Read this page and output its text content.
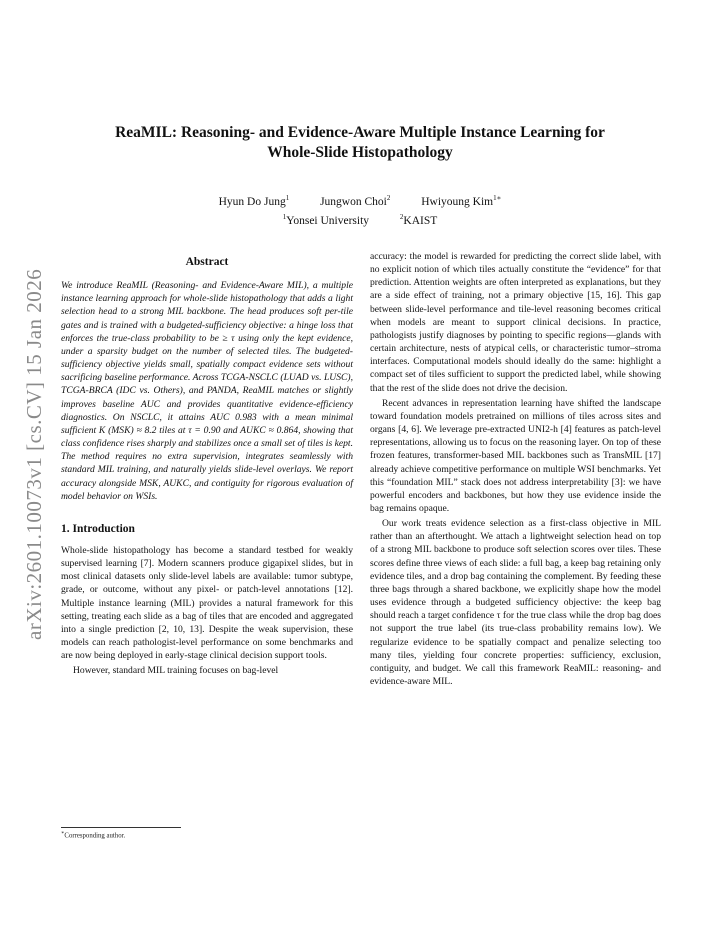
arXiv:2601.10073v1 [cs.CV] 15 Jan 2026
ReaMIL: Reasoning- and Evidence-Aware Multiple Instance Learning for
Whole-Slide Histopathology
Hyun Do Jung$^1$	Jungwon Choi$^2$	Hwiyoung Kim$^{1∗}$
$^1$Yonsei University	$^2$KAIST
Abstract

We introduce ReaMIL (Reasoning- and Evidence-Aware MIL), a multiple instance learning approach for whole-slide histopathology that adds a light selection head to a strong MIL backbone. The head produces soft per-tile gates and is trained with a budgeted-sufficiency objective: a hinge loss that enforces the true-class probability to be ≥ τ using only the kept evidence, under a sparsity budget on the number of selected tiles. The budgeted-sufficiency objective yields small, spatially compact evidence sets without sacrificing baseline performance. Across TCGA-NSCLC (LUAD vs. LUSC), TCGA-BRCA (IDC vs. Others), and PANDA, ReaMIL matches or slightly improves baseline AUC and provides quantitative evidence-efficiency diagnostics. On NSCLC, it attains AUC 0.983 with a mean minimal sufficient K (MSK) ≈ 8.2 tiles at τ = 0.90 and AUKC ≈ 0.864, showing that class confidence rises sharply and stabilizes once a small set of tiles is kept. The method requires no extra supervision, integrates seamlessly with standard MIL training, and naturally yields slide-level overlays. We report accuracy alongside MSK, AUKC, and contiguity for rigorous evaluation of model behavior on WSIs.

1. Introduction

Whole-slide histopathology has become a standard testbed for weakly supervised learning [7]. Modern scanners produce gigapixel slides, but in most clinical datasets only slide-level labels are available: tumor subtype, grade, or outcome, without any pixel- or patch-level annotations [12]. Multiple instance learning (MIL) provides a natural framework for this setting, treating each slide as a bag of tiles that are encoded and aggregated into a single prediction [2, 10, 13]. Despite the weak supervision, these models can reach pathologist-level performance on some benchmarks and are now being deployed in early-stage clinical decision support tools.

However, standard MIL training focuses on bag-level

accuracy: the model is rewarded for predicting the correct slide label, with no explicit notion of which tiles actually constitute the “evidence” for that prediction. Attention weights are often interpreted as explanations, but they are a side effect of training, not a primary objective [15, 16]. This gap between slide-level performance and tile-level reasoning becomes critical when models are meant to support clinical decisions. In practice, pathologists justify diagnoses by pointing to specific regions—glands with certain architecture, nests of atypical cells, or characteristic tumor–stroma interfaces. Computational models should ideally do the same: highlight a compact set of tiles sufficient to support the predicted label, while showing that the rest of the slide does not drive the decision.

Recent advances in representation learning have shifted the landscape toward foundation models pretrained on millions of tiles across sites and organs [4, 6]. We leverage pre-extracted UNI2-h [4] features as patch-level representations, allowing us to focus on the reasoning layer. On top of these frozen features, transformer-based MIL backbones such as TransMIL [17] already achieve competitive performance on multiple WSI benchmarks. Yet this “foundation MIL” stack does not address interpretability [3]: we have powerful encoders and backbones, but how they use evidence inside the bag remains opaque.

Our work treats evidence selection as a first-class objective in MIL rather than an afterthought. We attach a lightweight selection head on top of a strong MIL backbone to produce soft selection scores over tiles. These scores define three views of each slide: a full bag, a keep bag retaining only evidence tiles, and a drop bag containing the complement. By feeding these three bags through a shared backbone, we explicitly shape how the model uses evidence through a budgeted sufficiency objective: the keep bag should reach a target confidence τ for the true class while the drop bag does not support the true label (its true-class probability remains low). We regularize evidence to be spatially compact and penalize selecting too many tiles, yielding four concrete properties: sufficiency, exclusion, contiguity, and budget. We call this framework ReaMIL: reasoning- and evidence-aware MIL.

∗Corresponding author.
